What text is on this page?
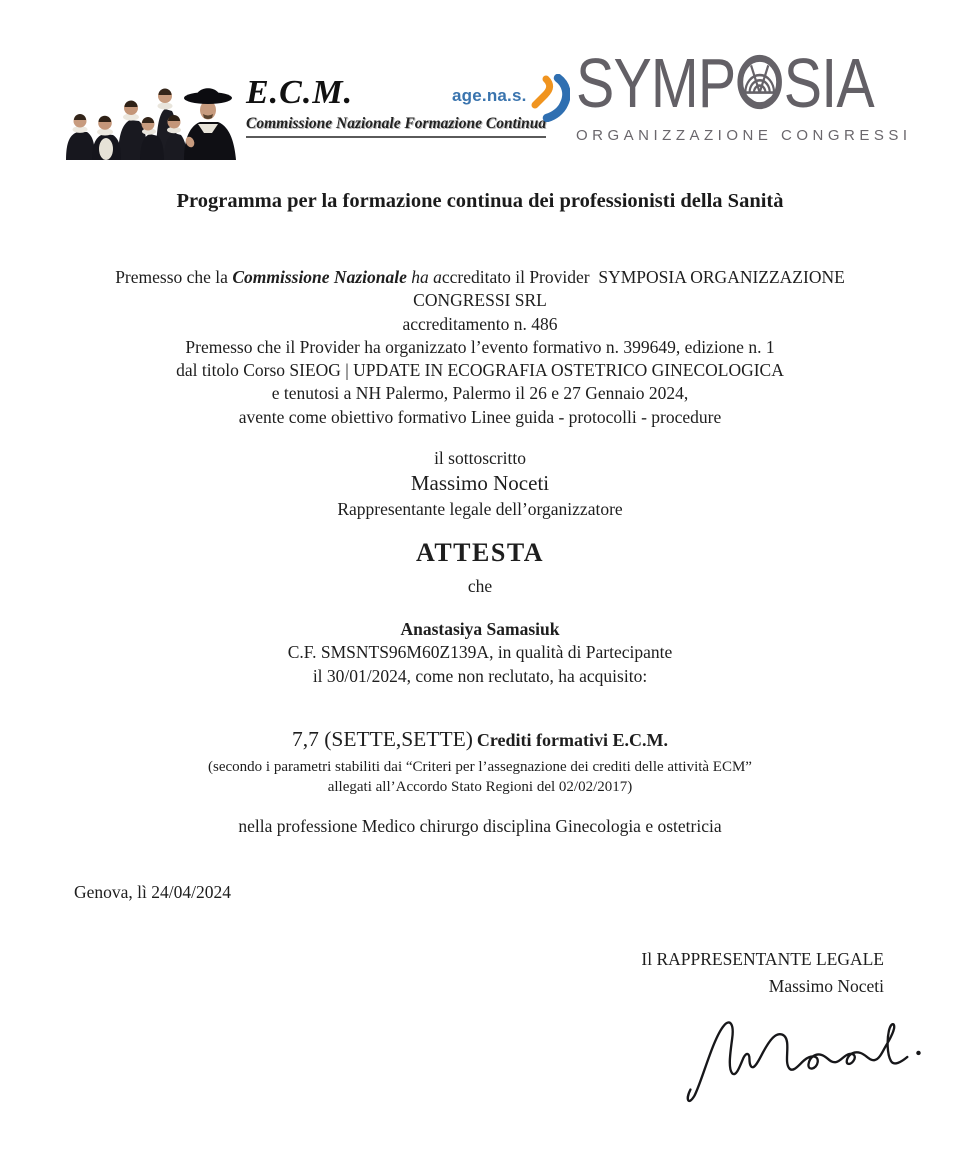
E.C.M.
Commissione Nazionale Formazione Continua
age.na.s. SYMP SIA
ORGANIZZAZIONE CONGRESSI
Programma per la formazione continua dei professionisti della Sanità
Premesso che la Commissione Nazionale ha accreditato il Provider  SYMPOSIA ORGANIZZAZIONE
CONGRESSI SRL
accreditamento n. 486
Premesso che il Provider ha organizzato l’evento formativo n. 399649, edizione n. 1
dal titolo Corso SIEOG | UPDATE IN ECOGRAFIA OSTETRICO GINECOLOGICA
e tenutosi a NH Palermo, Palermo il 26 e 27 Gennaio 2024,
avente come obiettivo formativo Linee guida - protocolli - procedure
il sottoscritto
Massimo Noceti
Rappresentante legale dell’organizzatore
ATTESTA
che
Anastasiya Samasiuk
C.F. SMSNTS96M60Z139A, in qualità di Partecipante
il 30/01/2024, come non reclutato, ha acquisito:
7,7 (SETTE,SETTE) Crediti formativi E.C.M.
(secondo i parametri stabiliti dai “Criteri per l’assegnazione dei crediti delle attività ECM”
allegati all’Accordo Stato Regioni del 02/02/2017)
nella professione Medico chirurgo disciplina Ginecologia e ostetricia
Genova, lì 24/04/2024
Il RAPPRESENTANTE LEGALE
Massimo Noceti
